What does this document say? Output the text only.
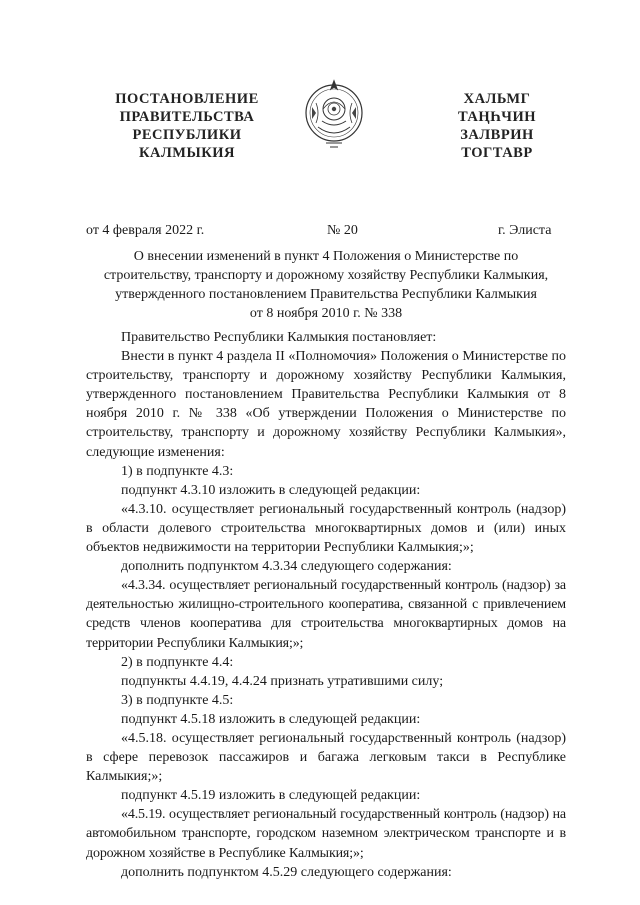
ПОСТАНОВЛЕНИЕ
ПРАВИТЕЛЬСТВА
РЕСПУБЛИКИ
КАЛМЫКИЯ
ХАЛЬМГ
ТАҢҺЧИН
ЗАЛВРИН
ТОГТАВР
от 4 февраля 2022 г.	№ 20	г. Элиста
О внесении изменений в пункт 4 Положения о Министерстве по
строительству, транспорту и дорожному хозяйству Республики Калмыкия,
утвержденного постановлением Правительства Республики Калмыкия
от 8 ноября 2010 г. № 338

Правительство Республики Калмыкия постановляет:

Внести в пункт 4 раздела II «Полномочия» Положения о Министерстве по строительству, транспорту и дорожному хозяйству Республики Калмыкия, утвержденного постановлением Правительства Республики Калмыкия от 8 ноября 2010 г. № 338 «Об утверждении Положения о Министерстве по строительству, транспорту и дорожному хозяйству Республики Калмыкия», следующие изменения:

1) в подпункте 4.3:

подпункт 4.3.10 изложить в следующей редакции:

«4.3.10. осуществляет региональный государственный контроль (надзор) в области долевого строительства многоквартирных домов и (или) иных объектов недвижимости на территории Республики Калмыкия;»;

дополнить подпунктом 4.3.34 следующего содержания:

«4.3.34. осуществляет региональный государственный контроль (надзор) за деятельностью жилищно-строительного кооператива, связанной с привлечением средств членов кооператива для строительства многоквартирных домов на территории Республики Калмыкия;»;

2) в подпункте 4.4:

подпункты 4.4.19, 4.4.24 признать утратившими силу;

3) в подпункте 4.5:

подпункт 4.5.18 изложить в следующей редакции:

«4.5.18. осуществляет региональный государственный контроль (надзор) в сфере перевозок пассажиров и багажа легковым такси в Республике Калмыкия;»;

подпункт 4.5.19 изложить в следующей редакции:

«4.5.19. осуществляет региональный государственный контроль (надзор) на автомобильном транспорте, городском наземном электрическом транспорте и в дорожном хозяйстве в Республике Калмыкия;»;

дополнить подпунктом 4.5.29 следующего содержания:
